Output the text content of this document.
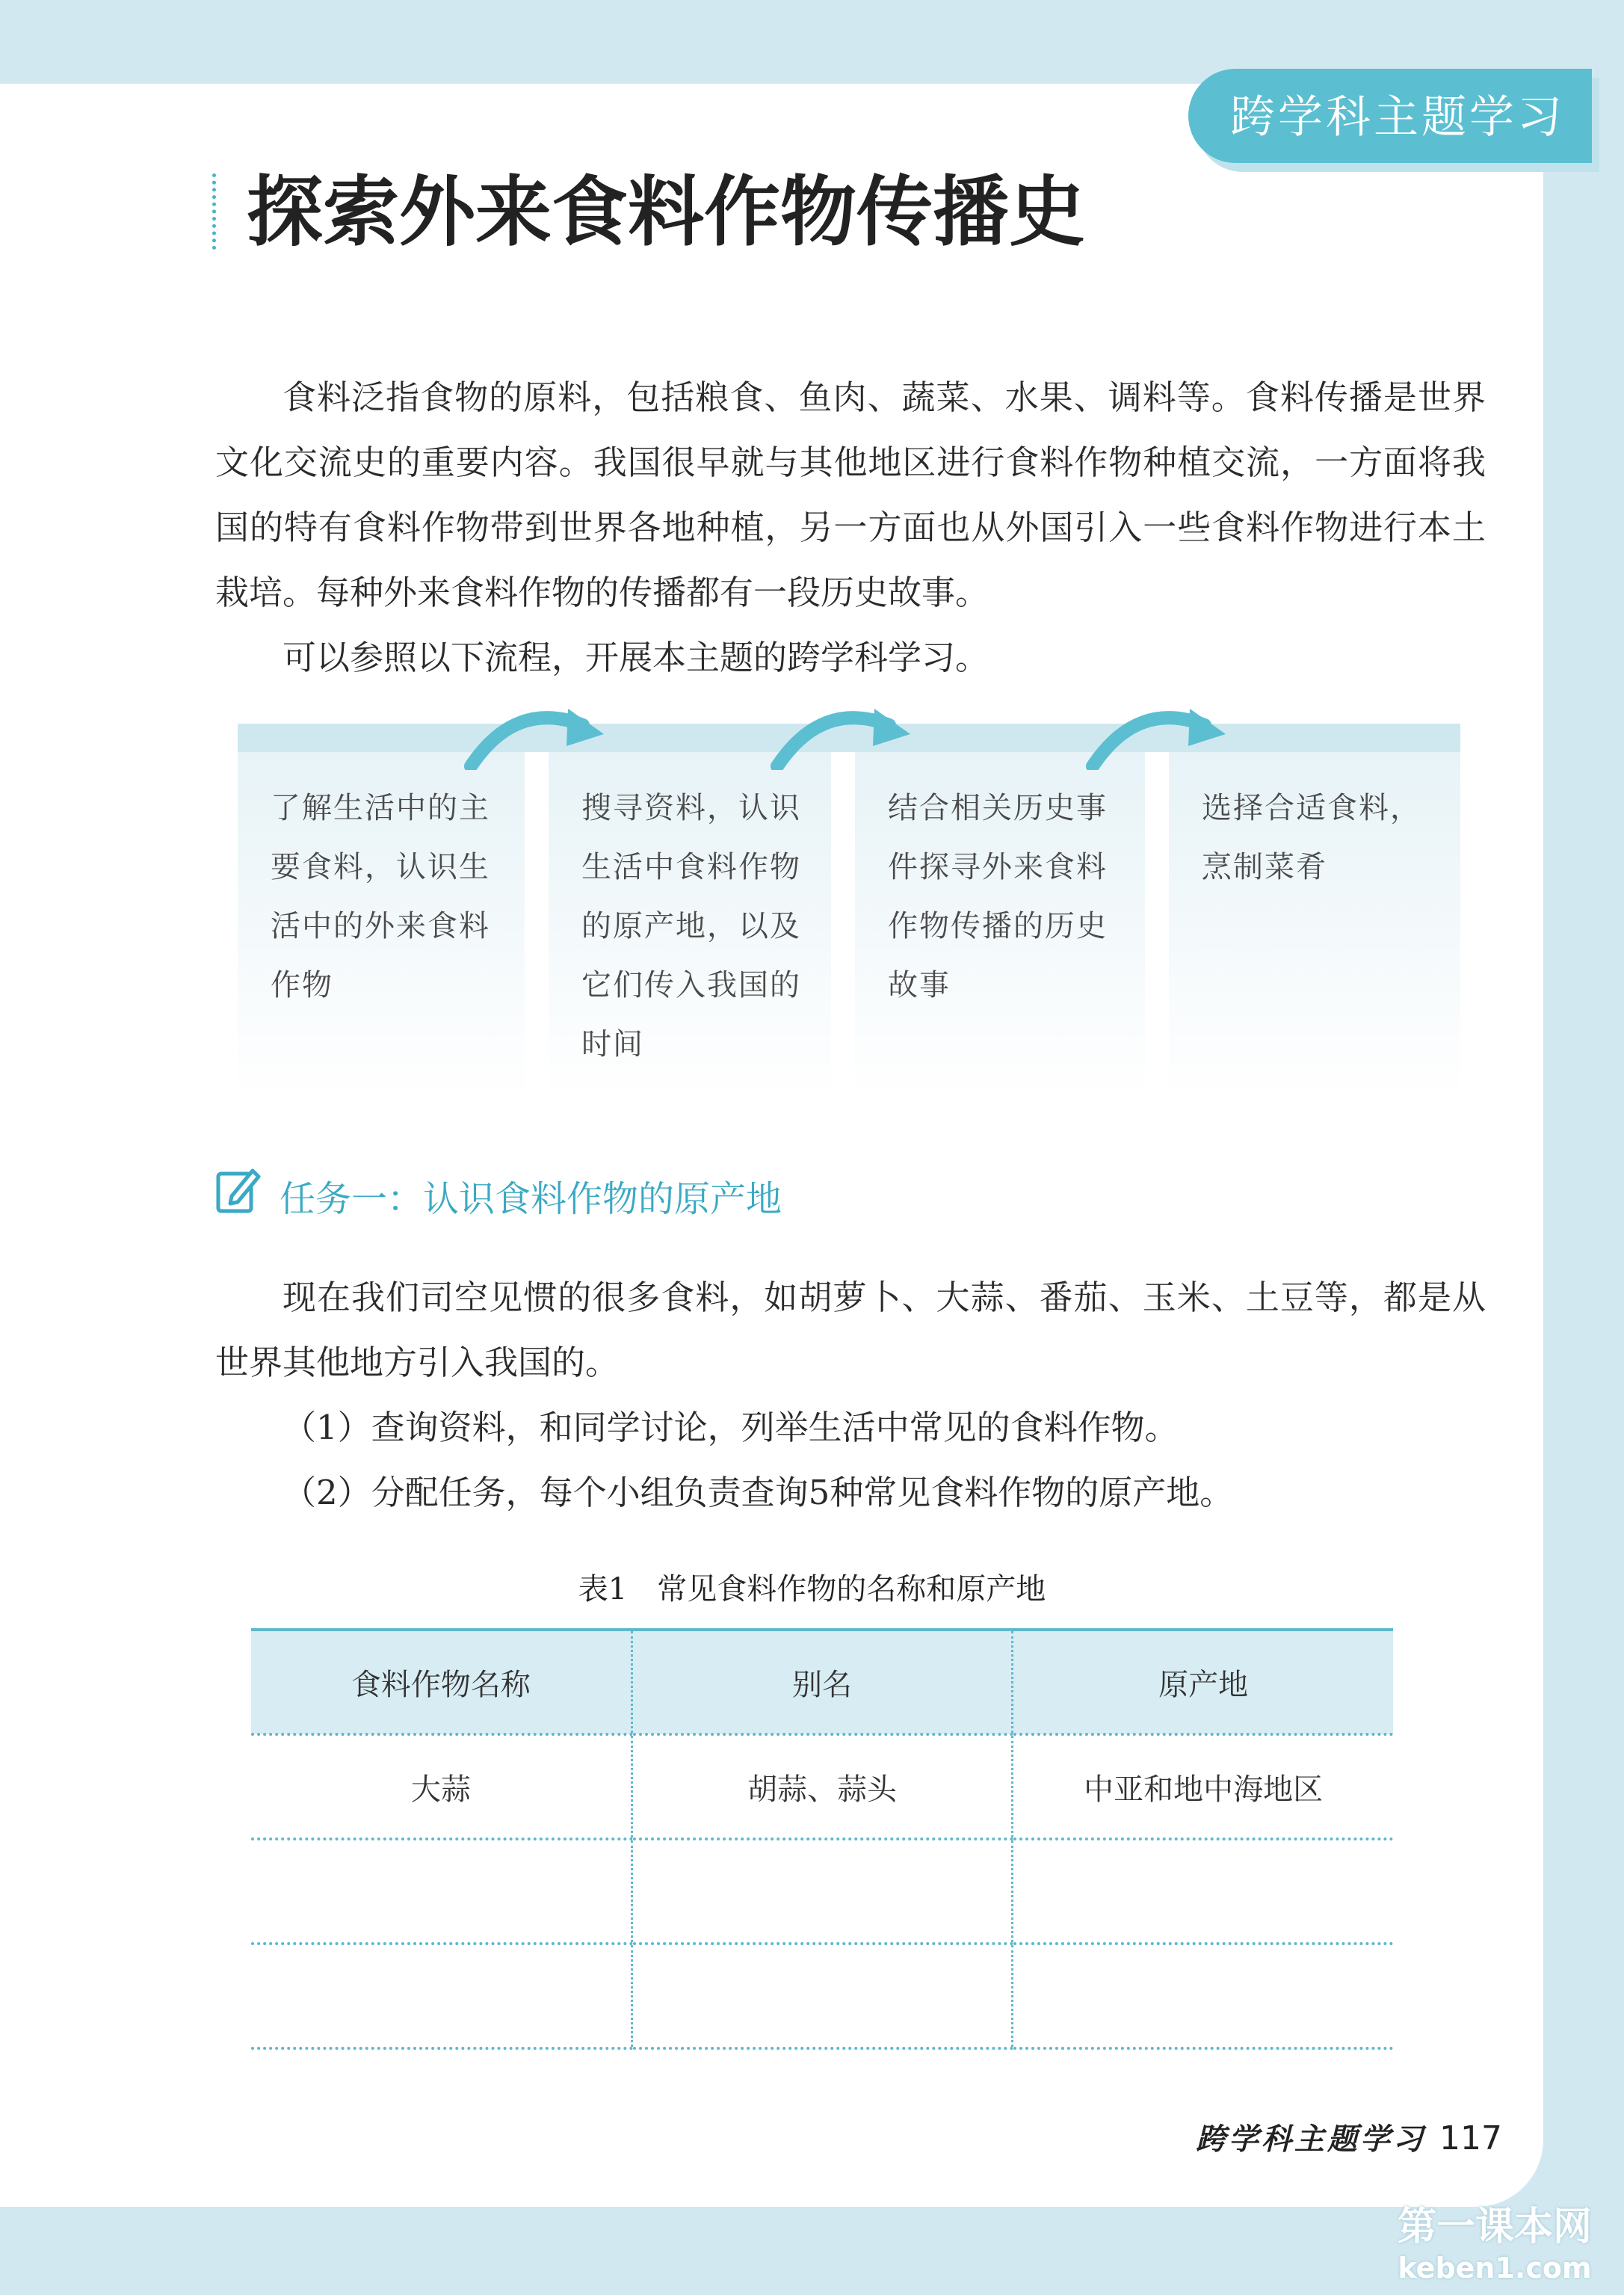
跨学科主题学习
探索外来食料作物传播史

食料泛指食物的原料，包括粮食、鱼肉、蔬菜、水果、调料等。食料传播是世界文化交流史的重要内容。我国很早就与其他地区进行食料作物种植交流，一方面将我国的特有食料作物带到世界各地种植，另一方面也从外国引入一些食料作物进行本土栽培。每种外来食料作物的传播都有一段历史故事。

可以参照以下流程，开展本主题的跨学科学习。

了解生活中的主要食料，认识生活中的外来食料作物
搜寻资料，认识生活中食料作物的原产地，以及它们传入我国的时间
结合相关历史事件探寻外来食料作物传播的历史故事
选择合适食料，烹制菜肴
任务一：认识食料作物的原产地

现在我们司空见惯的很多食料，如胡萝卜、大蒜、番茄、玉米、土豆等，都是从世界其他地方引入我国的。

（1）查询资料，和同学讨论，列举生活中常见的食料作物。

（2）分配任务，每个小组负责查询5种常见食料作物的原产地。

表1　常见食料作物的名称和原产地
食料作物名称	别名	原产地
大蒜	胡蒜、蒜头	中亚和地中海地区

跨学科主题学习 117
第一课本网
keben1.com
